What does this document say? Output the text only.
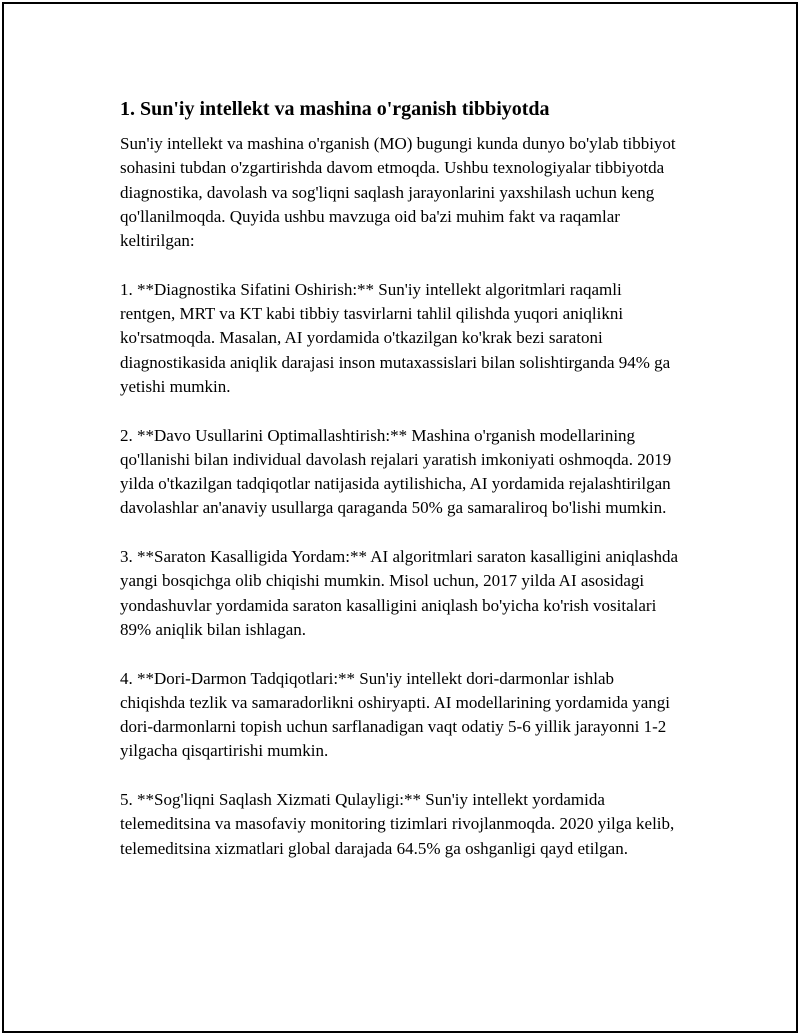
1. Sun'iy intellekt va mashina o'rganish tibbiyotda

Sun'iy intellekt va mashina o'rganish (MO) bugungi kunda dunyo bo'ylab tibbiyot sohasini tubdan o'zgartirishda davom etmoqda. Ushbu texnologiyalar tibbiyotda diagnostika, davolash va sog'liqni saqlash jarayonlarini yaxshilash uchun keng qo'llanilmoqda. Quyida ushbu mavzuga oid ba'zi muhim fakt va raqamlar keltirilgan:

1. **Diagnostika Sifatini Oshirish:** Sun'iy intellekt algoritmlari raqamli rentgen, MRT va KT kabi tibbiy tasvirlarni tahlil qilishda yuqori aniqlikni ko'rsatmoqda. Masalan, AI yordamida o'tkazilgan ko'krak bezi saratoni diagnostikasida aniqlik darajasi inson mutaxassislari bilan solishtirganda 94% ga yetishi mumkin.

2. **Davo Usullarini Optimallashtirish:** Mashina o'rganish modellarining qo'llanishi bilan individual davolash rejalari yaratish imkoniyati oshmoqda. 2019 yilda o'tkazilgan tadqiqotlar natijasida aytilishicha, AI yordamida rejalashtirilgan davolashlar an'anaviy usullarga qaraganda 50% ga samaraliroq bo'lishi mumkin.

3. **Saraton Kasalligida Yordam:** AI algoritmlari saraton kasalligini aniqlashda yangi bosqichga olib chiqishi mumkin. Misol uchun, 2017 yilda AI asosidagi yondashuvlar yordamida saraton kasalligini aniqlash bo'yicha ko'rish vositalari 89% aniqlik bilan ishlagan.

4. **Dori-Darmon Tadqiqotlari:** Sun'iy intellekt dori-darmonlar ishlab chiqishda tezlik va samaradorlikni oshiryapti. AI modellarining yordamida yangi dori-darmonlarni topish uchun sarflanadigan vaqt odatiy 5-6 yillik jarayonni 1-2 yilgacha qisqartirishi mumkin.

5. **Sog'liqni Saqlash Xizmati Qulayligi:** Sun'iy intellekt yordamida telemeditsina va masofaviy monitoring tizimlari rivojlanmoqda. 2020 yilga kelib, telemeditsina xizmatlari global darajada 64.5% ga oshganligi qayd etilgan.
